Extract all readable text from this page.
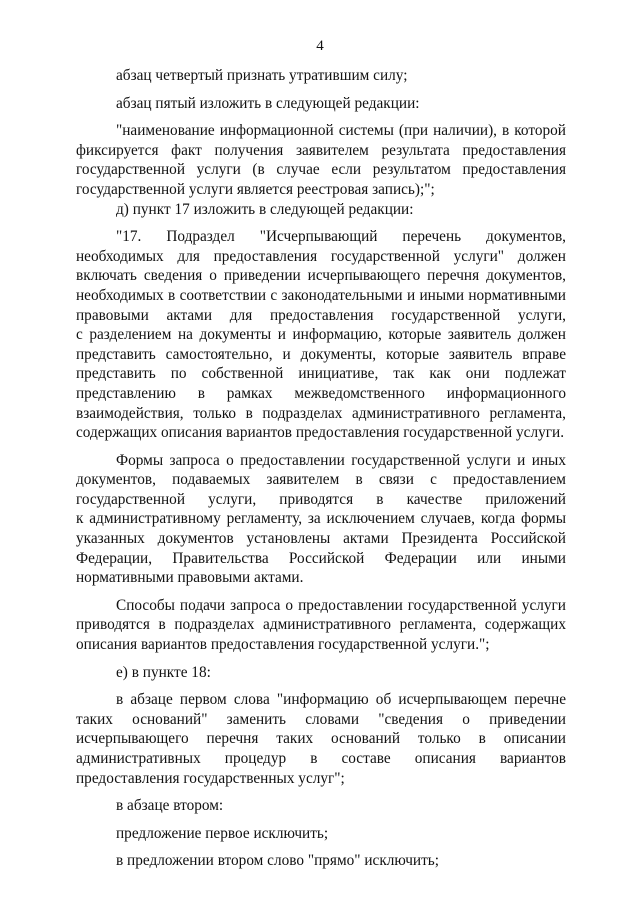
4
абзац четвертый признать утратившим силу;
абзац пятый изложить в следующей редакции:
"наименование информационной системы (при наличии), в которой
фиксируется факт получения заявителем результата предоставления
государственной услуги (в случае если результатом предоставления
государственной услуги является реестровая запись);";
д) пункт 17 изложить в следующей редакции:
"17. Подраздел "Исчерпывающий перечень документов,
необходимых для предоставления государственной услуги" должен
включать сведения о приведении исчерпывающего перечня документов,
необходимых в соответствии с законодательными и иными нормативными
правовыми актами для предоставления государственной услуги,
с разделением на документы и информацию, которые заявитель должен
представить самостоятельно, и документы, которые заявитель вправе
представить по собственной инициативе, так как они подлежат
представлению в рамках межведомственного информационного
взаимодействия, только в подразделах административного регламента,
содержащих описания вариантов предоставления государственной услуги.
Формы запроса о предоставлении государственной услуги и иных
документов, подаваемых заявителем в связи с предоставлением
государственной услуги, приводятся в качестве приложений
к административному регламенту, за исключением случаев, когда формы
указанных документов установлены актами Президента Российской
Федерации, Правительства Российской Федерации или иными
нормативными правовыми актами.
Способы подачи запроса о предоставлении государственной услуги
приводятся в подразделах административного регламента, содержащих
описания вариантов предоставления государственной услуги.";
е) в пункте 18:
в абзаце первом слова "информацию об исчерпывающем перечне
таких оснований" заменить словами "сведения о приведении
исчерпывающего перечня таких оснований только в описании
административных процедур в составе описания вариантов
предоставления государственных услуг";
в абзаце втором:
предложение первое исключить;
в предложении втором слово "прямо" исключить;
